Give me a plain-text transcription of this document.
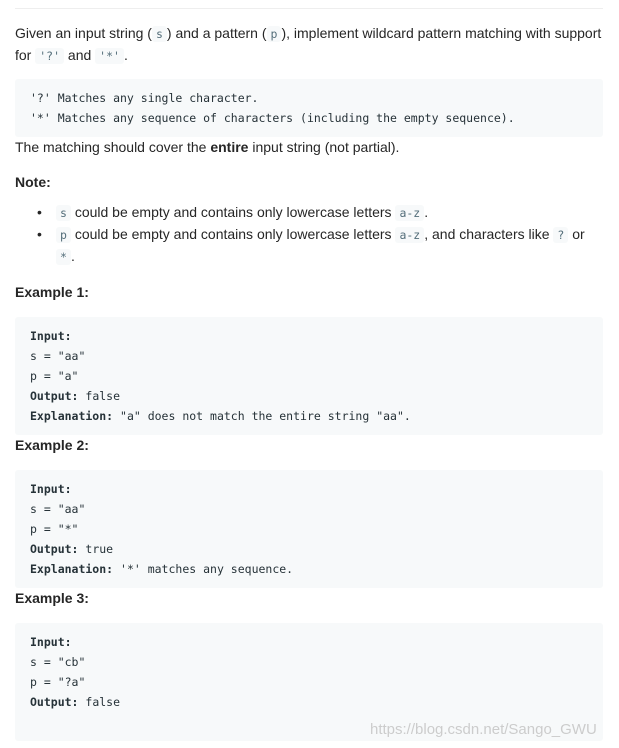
Given an input string ( s ) and a pattern ( p ), implement wildcard pattern matching with support for '?' and '*' .

'?' Matches any single character.
'*' Matches any sequence of characters (including the empty sequence).

The matching should cover the entire input string (not partial).

Note:

• s could be empty and contains only lowercase letters a-z .
• p could be empty and contains only lowercase letters a-z , and characters like ? or * .

Example 1:

Input:
s = "aa"
p = "a"
Output: false
Explanation: "a" does not match the entire string "aa".

Example 2:

Input:
s = "aa"
p = "*"
Output: true
Explanation: '*' matches any sequence.

Example 3:

Input:
s = "cb"
p = "?a"
Output: false
https://blog.csdn.net/Sango_GWU
